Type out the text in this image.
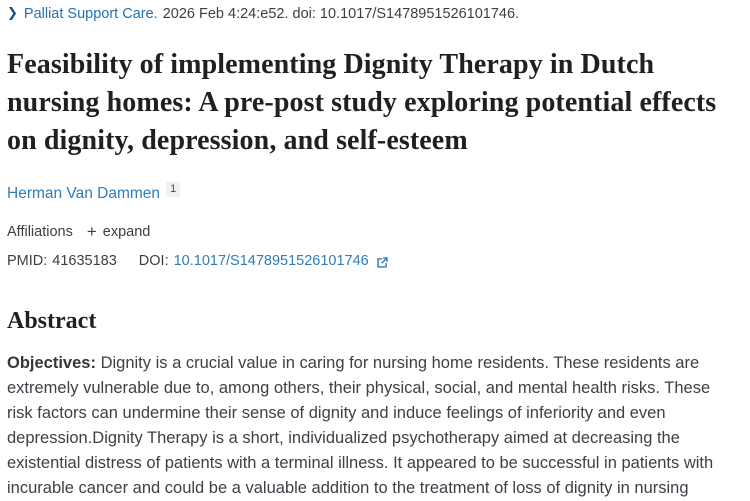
❯ Palliat Support Care. 2026 Feb 4:24:e52. doi: 10.1017/S1478951526101746.
Feasibility of implementing Dignity Therapy in Dutch nursing homes: A pre-post study exploring potential effects on dignity, depression, and self-esteem
Herman Van Dammen $^1$
Affiliations + expand
PMID: 41635183 DOI: 10.1017/S1478951526101746
Abstract

Objectives: Dignity is a crucial value in caring for nursing home residents. These residents are extremely vulnerable due to, among others, their physical, social, and mental health risks. These risk factors can undermine their sense of dignity and induce feelings of inferiority and even depression.Dignity Therapy is a short, individualized psychotherapy aimed at decreasing the existential distress of patients with a terminal illness. It appeared to be successful in patients with incurable cancer and could be a valuable addition to the treatment of loss of dignity in nursing
